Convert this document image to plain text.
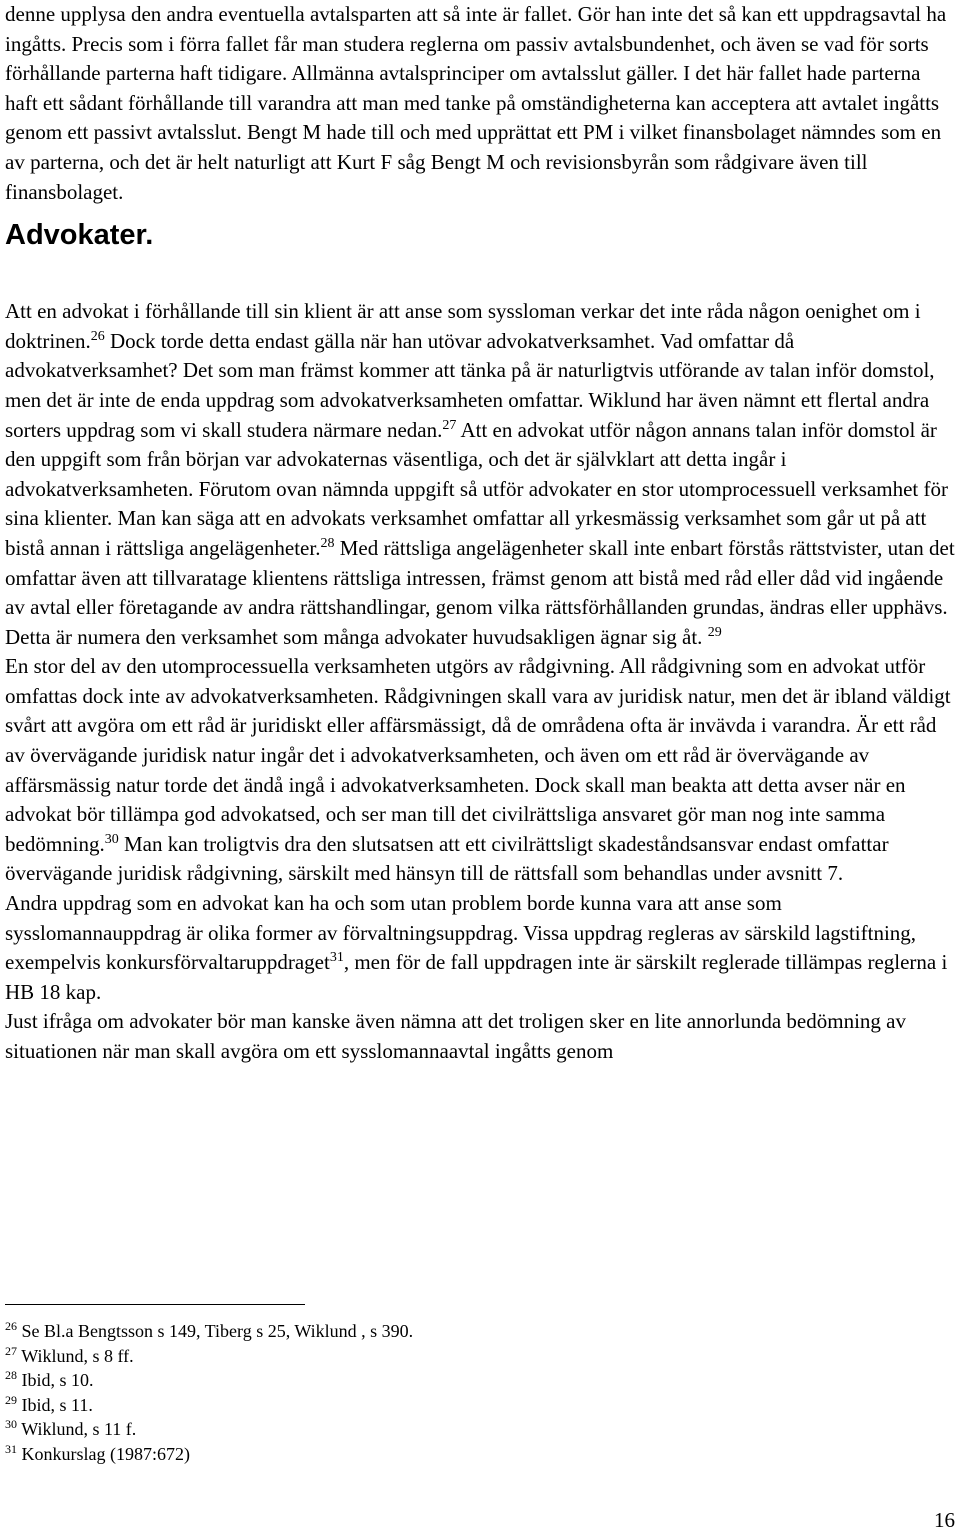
denne upplysa den andra eventuella avtalsparten att så inte är fallet. Gör han inte det så kan ett uppdragsavtal ha ingåtts. Precis som i förra fallet får man studera reglerna om passiv avtalsbundenhet, och även se vad för sorts förhållande parterna haft tidigare. Allmänna avtalsprinciper om avtalsslut gäller. I det här fallet hade parterna haft ett sådant förhållande till varandra att man med tanke på omständigheterna kan acceptera att avtalet ingåtts genom ett passivt avtalsslut. Bengt M hade till och med upprättat ett PM i vilket finansbolaget nämndes som en av parterna, och det är helt naturligt att Kurt F såg Bengt M och revisionsbyrån som rådgivare även till finansbolaget.

Advokater.

Att en advokat i förhållande till sin klient är att anse som syssloman verkar det inte råda någon oenighet om i doktrinen.$^{26}$ Dock torde detta endast gälla när han utövar advokatverksamhet. Vad omfattar då advokatverksamhet? Det som man främst kommer att tänka på är naturligtvis utförande av talan inför domstol, men det är inte de enda uppdrag som advokatverksamheten omfattar. Wiklund har även nämnt ett flertal andra sorters uppdrag som vi skall studera närmare nedan.$^{27}$ Att en advokat utför någon annans talan inför domstol är den uppgift som från början var advokaternas väsentliga, och det är självklart att detta ingår i advokatverksamheten. Förutom ovan nämnda uppgift så utför advokater en stor utomprocessuell verksamhet för sina klienter. Man kan säga att en advokats verksamhet omfattar all yrkesmässig verksamhet som går ut på att bistå annan i rättsliga angelägenheter.$^{28}$ Med rättsliga angelägenheter skall inte enbart förstås rättstvister, utan det omfattar även att tillvaratage klientens rättsliga intressen, främst genom att bistå med råd eller dåd vid ingående av avtal eller företagande av andra rättshandlingar, genom vilka rättsförhållanden grundas, ändras eller upphävs. Detta är numera den verksamhet som många advokater huvudsakligen ägnar sig åt. $^{29}$

En stor del av den utomprocessuella verksamheten utgörs av rådgivning. All rådgivning som en advokat utför omfattas dock inte av advokatverksamheten. Rådgivningen skall vara av juridisk natur, men det är ibland väldigt svårt att avgöra om ett råd är juridiskt eller affärsmässigt, då de områdena ofta är invävda i varandra. Är ett råd av övervägande juridisk natur ingår det i advokatverksamheten, och även om ett råd är övervägande av affärsmässig natur torde det ändå ingå i advokatverksamheten. Dock skall man beakta att detta avser när en advokat bör tillämpa god advokatsed, och ser man till det civilrättsliga ansvaret gör man nog inte samma bedömning.$^{30}$ Man kan troligtvis dra den slutsatsen att ett civilrättsligt skadeståndsansvar endast omfattar övervägande juridisk rådgivning, särskilt med hänsyn till de rättsfall som behandlas under avsnitt 7.

Andra uppdrag som en advokat kan ha och som utan problem borde kunna vara att anse som sysslomannauppdrag är olika former av förvaltningsuppdrag. Vissa uppdrag regleras av särskild lagstiftning, exempelvis konkursförvaltaruppdraget$^{31}$, men för de fall uppdragen inte är särskilt reglerade tillämpas reglerna i HB 18 kap.

Just ifråga om advokater bör man kanske även nämna att det troligen sker en lite annorlunda bedömning av situationen när man skall avgöra om ett sysslomannaavtal ingåtts genom

$^{26}$ Se Bl.a Bengtsson s 149, Tiberg s 25, Wiklund , s 390.

$^{27}$ Wiklund, s 8 ff.

$^{28}$ Ibid, s 10.

$^{29}$ Ibid, s 11.

$^{30}$ Wiklund, s 11 f.

$^{31}$ Konkurslag (1987:672)

16
